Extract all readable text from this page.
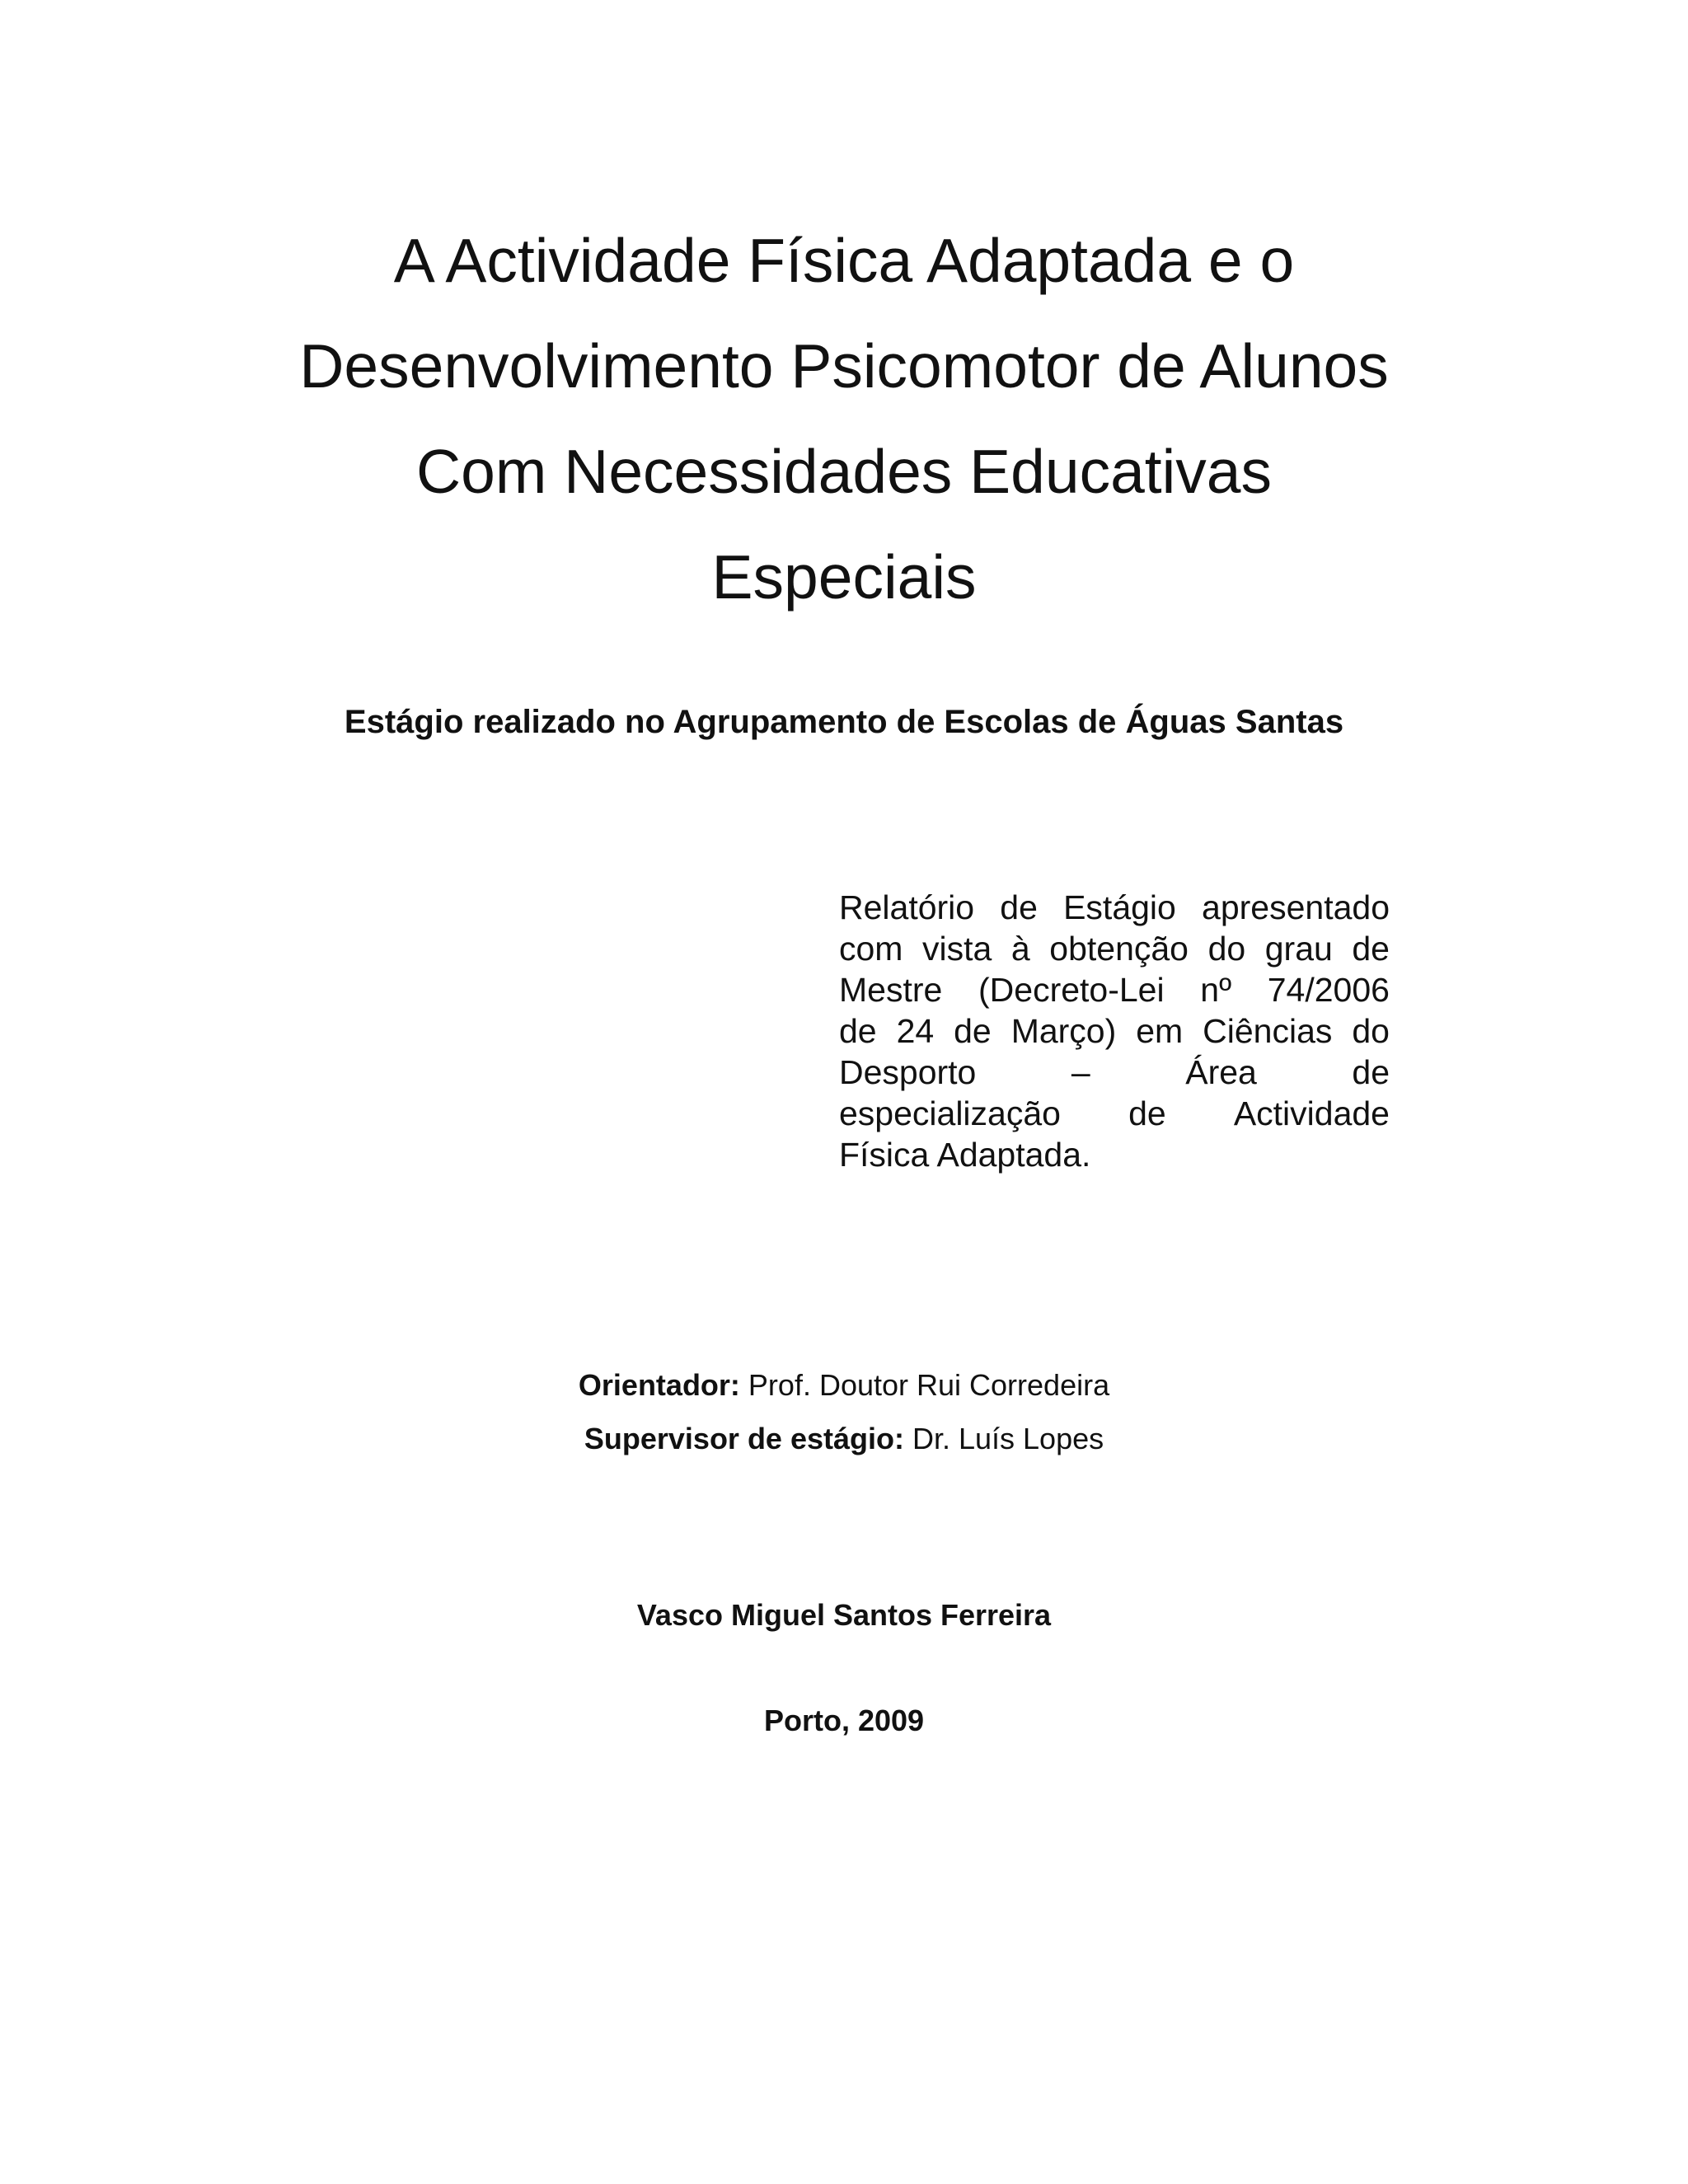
A Actividade Física Adaptada e o
Desenvolvimento Psicomotor de Alunos
Com Necessidades Educativas
Especiais
Estágio realizado no Agrupamento de Escolas de Águas Santas
Relatório de Estágio apresentado
com vista à obtenção do grau de
Mestre (Decreto-Lei nº 74/2006
de 24 de Março) em Ciências do
Desporto	–	Área	de
especialização de Actividade
Física Adaptada.
Orientador: Prof. Doutor Rui Corredeira
Supervisor de estágio: Dr. Luís Lopes
Vasco Miguel Santos Ferreira
Porto, 2009
